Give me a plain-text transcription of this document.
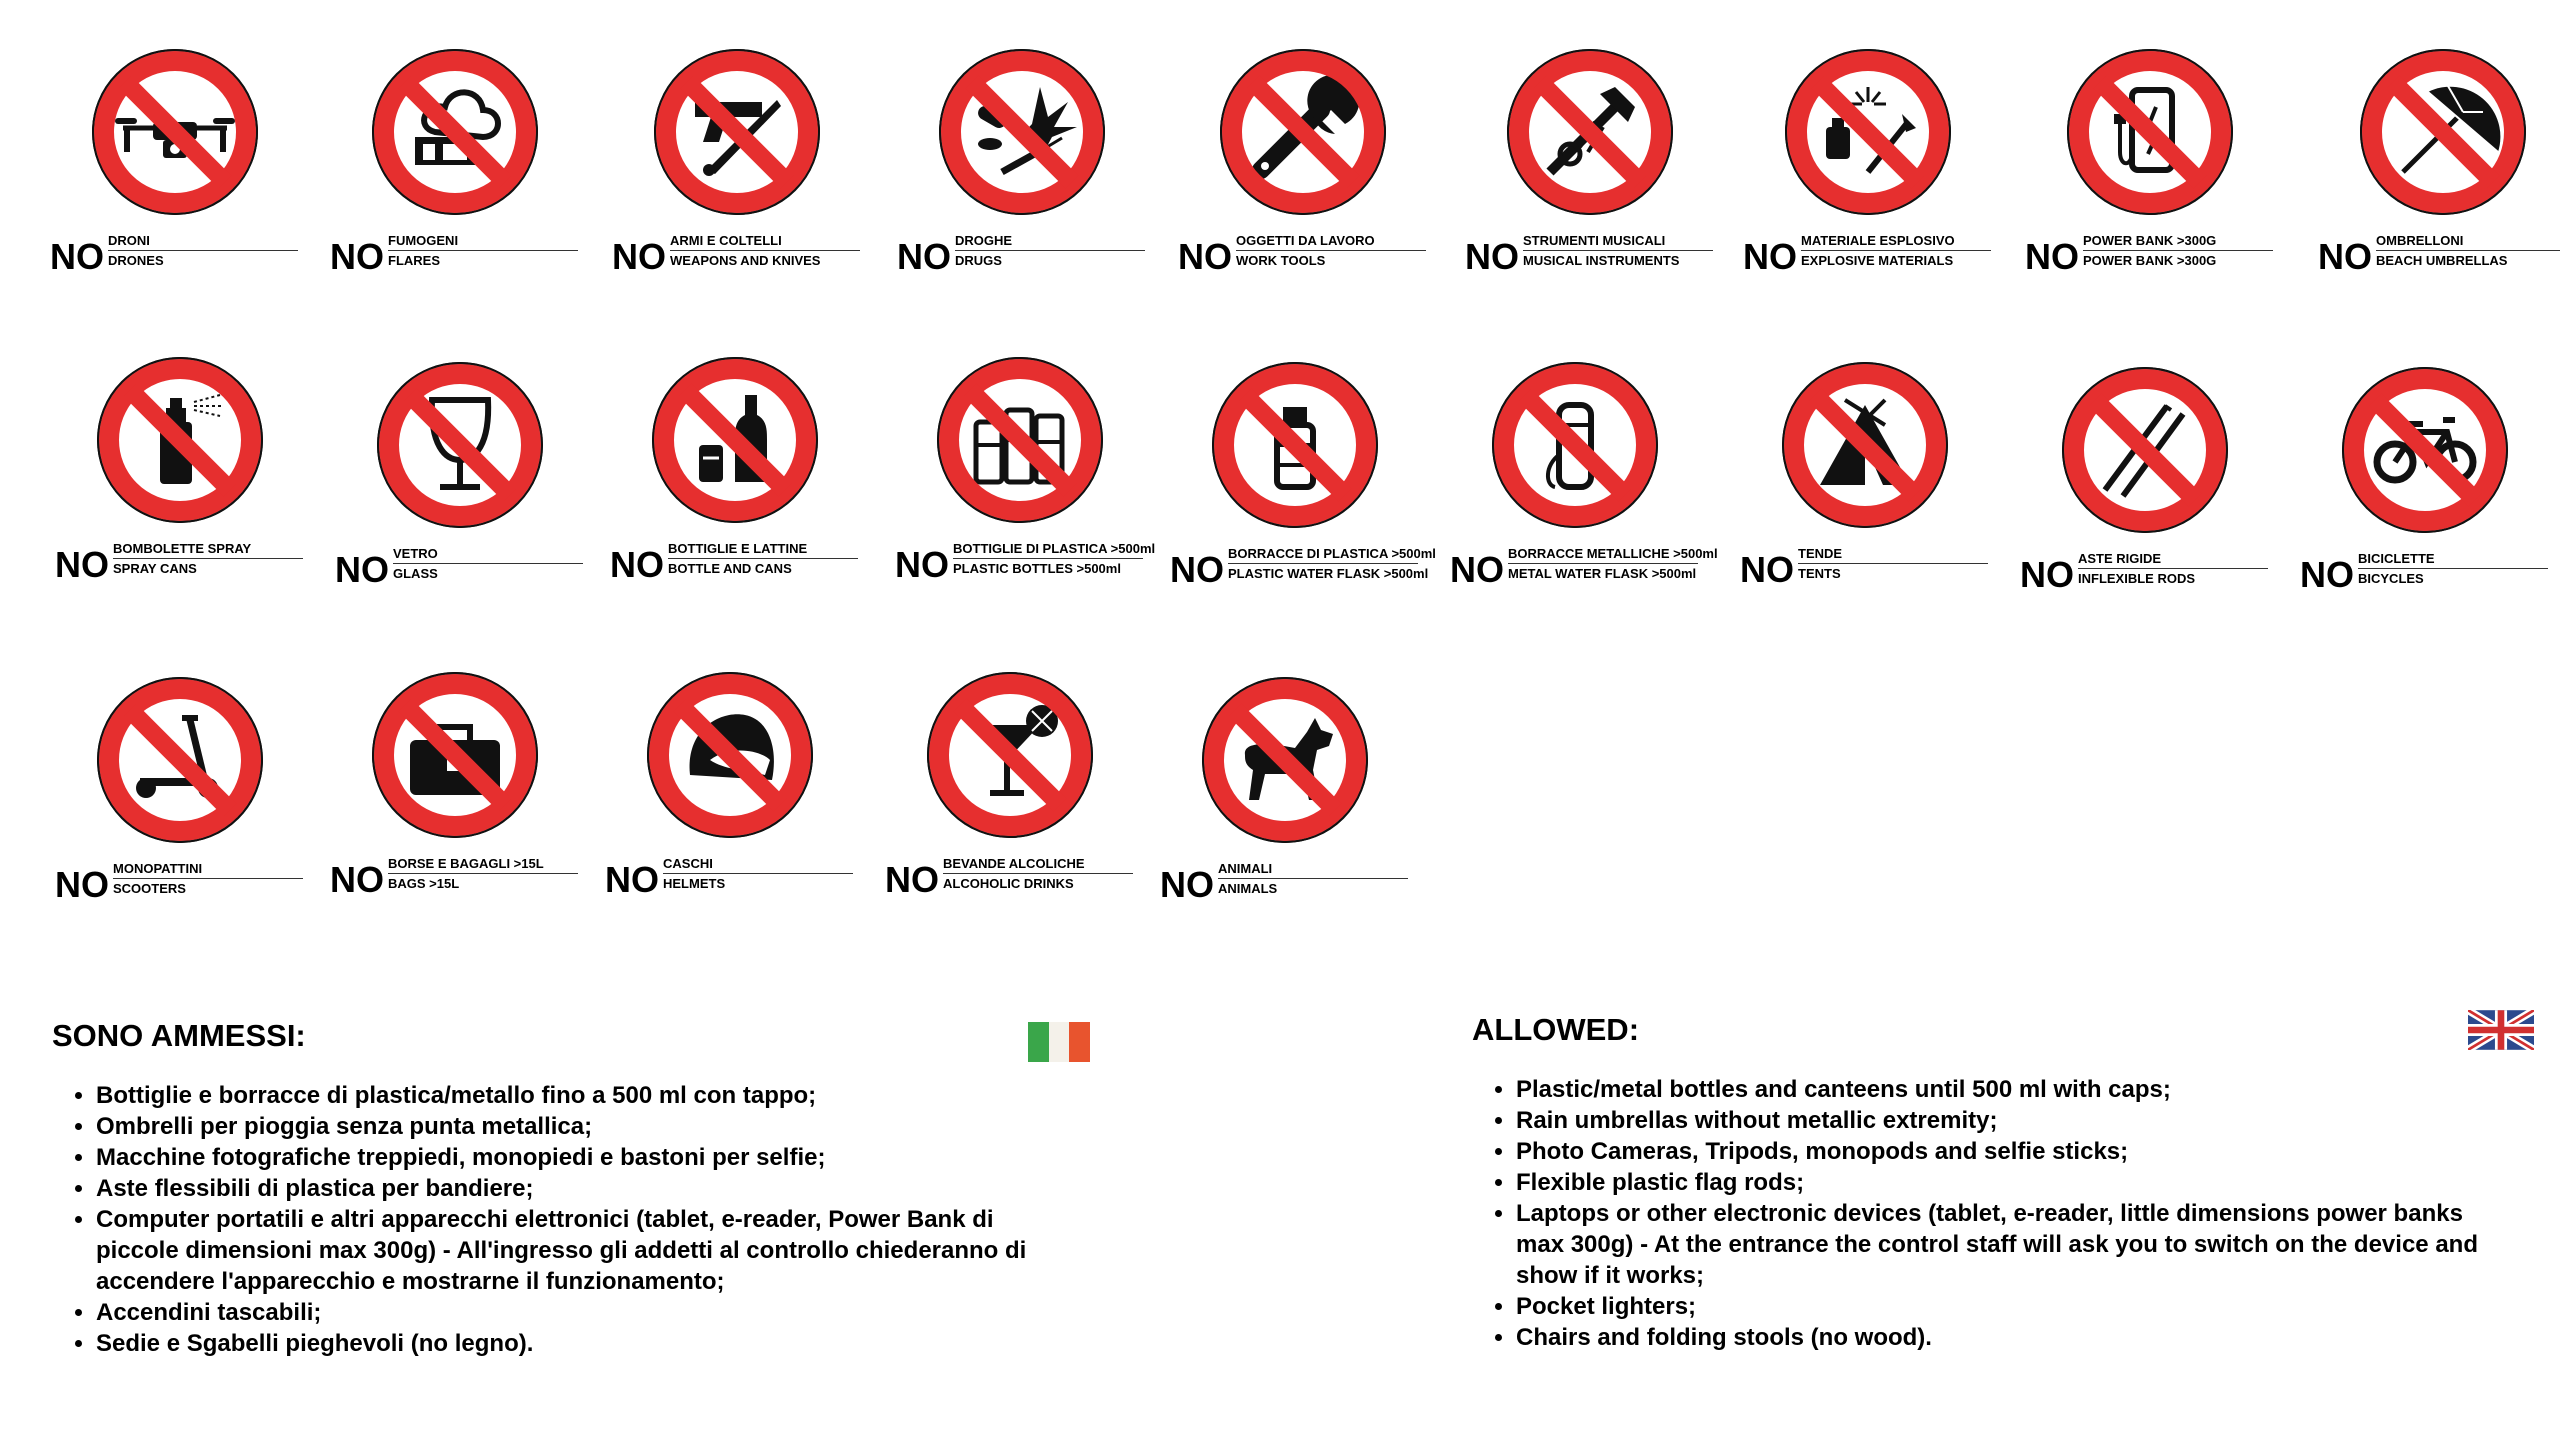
NO DRONI
DRONES	NO FUMOGENI
FLARES	NO ARMI E COLTELLI
WEAPONS AND KNIVES	NO DROGHE
DRUGS	NO OGGETTI DA LAVORO
WORK TOOLS	NO STRUMENTI MUSICALI
MUSICAL INSTRUMENTS	NO MATERIALE ESPLOSIVO
EXPLOSIVE MATERIALS	NO POWER BANK >300G
POWER BANK >300G	NO OMBRELLONI
BEACH UMBRELLAS
NO BOMBOLETTE SPRAY
SPRAY CANS	NO VETRO
GLASS	NO BOTTIGLIE E LATTINE
BOTTLE AND CANS	NO BOTTIGLIE DI PLASTICA >500ml
PLASTIC BOTTLES >500ml	NO BORRACCE DI PLASTICA >500ml
PLASTIC WATER FLASK >500ml NO BORRACCE METALLICHE >500ml
METAL WATER FLASK >500ml NO TENDE
TENTS	NO ASTE RIGIDE
INFLEXIBLE RODS	NO BICICLETTE
BICYCLES
NO MONOPATTINI
SCOOTERS	NO BORSE E BAGAGLI >15L
BAGS >15L	NO CASCHI
HELMETS	NO BEVANDE ALCOLICHE
ALCOHOLIC DRINKS	NO ANIMALI
ANIMALS
SONO AMMESSI:
• Bottiglie e borracce di plastica/metallo fino a 500 ml con tappo;
• Ombrelli per pioggia senza punta metallica;
• Macchine fotografiche treppiedi, monopiedi e bastoni per selfie;
• Aste flessibili di plastica per bandiere;
• Computer portatili e altri apparecchi elettronici (tablet, e-reader, Power Bank di piccole dimensioni max 300g) - All'ingresso gli addetti al controllo chiederanno di accendere l'apparecchio e mostrarne il funzionamento;
• Accendini tascabili;
• Sedie e Sgabelli pieghevoli (no legno).
ALLOWED:
• Plastic/metal bottles and canteens until 500 ml with caps;
• Rain umbrellas without metallic extremity;
• Photo Cameras, Tripods, monopods and selfie sticks;
• Flexible plastic flag rods;
• Laptops or other electronic devices (tablet, e-reader, little dimensions power banks max 300g) - At the entrance the control staff will ask you to switch on the device and show if it works;
• Pocket lighters;
• Chairs and folding stools (no wood).
